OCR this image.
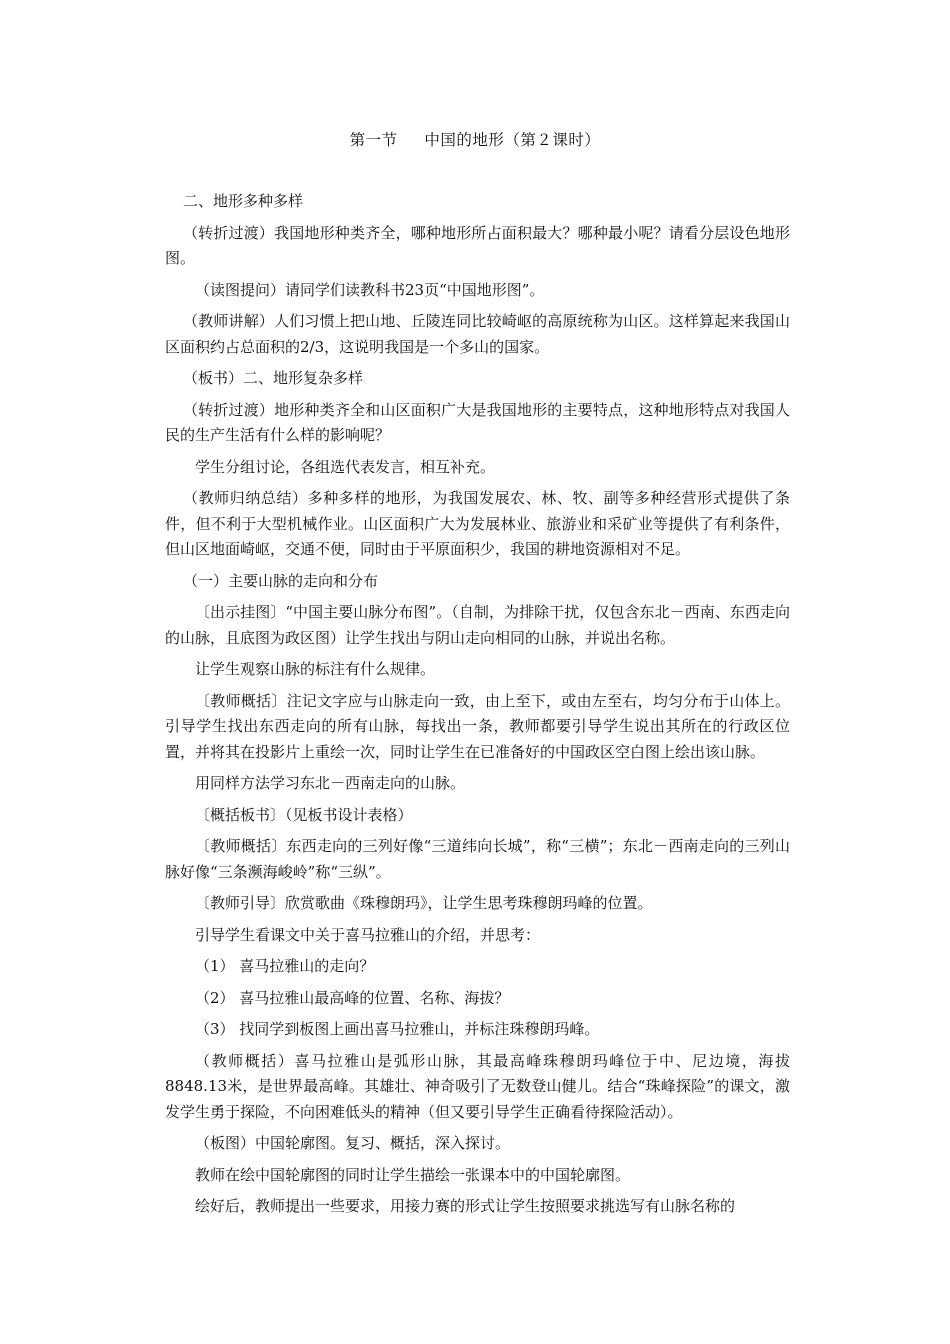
第一节　  中国的地形（第２课时）

二、地形多种多样

（转折过渡）我国地形种类齐全，哪种地形所占面积最大？哪种最小呢？请看分层设色地形图。

（读图提问）请同学们读教科书23页“中国地形图”。

（教师讲解）人们习惯上把山地、丘陵连同比较崎岖的高原统称为山区。这样算起来我国山区面积约占总面积的2/3，这说明我国是一个多山的国家。

（板书）二、地形复杂多样

（转折过渡）地形种类齐全和山区面积广大是我国地形的主要特点，这种地形特点对我国人民的生产生活有什么样的影响呢？

学生分组讨论，各组选代表发言，相互补充。

（教师归纳总结）多种多样的地形，为我国发展农、林、牧、副等多种经营形式提供了条件，但不利于大型机械作业。山区面积广大为发展林业、旅游业和采矿业等提供了有利条件，但山区地面崎岖，交通不便，同时由于平原面积少，我国的耕地资源相对不足。

（一）主要山脉的走向和分布

〔出示挂图〕“中国主要山脉分布图”。（自制，为排除干扰，仅包含东北－西南、东西走向的山脉，且底图为政区图）让学生找出与阴山走向相同的山脉，并说出名称。

让学生观察山脉的标注有什么规律。

〔教师概括〕注记文字应与山脉走向一致，由上至下，或由左至右，均匀分布于山体上。引导学生找出东西走向的所有山脉，每找出一条，教师都要引导学生说出其所在的行政区位置，并将其在投影片上重绘一次，同时让学生在已准备好的中国政区空白图上绘出该山脉。

用同样方法学习东北－西南走向的山脉。

〔概括板书〕（见板书设计表格）

〔教师概括〕东西走向的三列好像“三道纬向长城”，称“三横”；东北－西南走向的三列山脉好像“三条濒海峻岭”称“三纵”。

〔教师引导〕欣赏歌曲《珠穆朗玛》，让学生思考珠穆朗玛峰的位置。

引导学生看课文中关于喜马拉雅山的介绍，并思考：

（1） 喜马拉雅山的走向？

（2） 喜马拉雅山最高峰的位置、名称、海拔？

（3） 找同学到板图上画出喜马拉雅山，并标注珠穆朗玛峰。

（教师概括）喜马拉雅山是弧形山脉，其最高峰珠穆朗玛峰位于中、尼边境，海拔8848.13米，是世界最高峰。其雄壮、神奇吸引了无数登山健儿。结合“珠峰探险”的课文，激发学生勇于探险，不向困难低头的精神（但又要引导学生正确看待探险活动）。

（板图）中国轮廓图。复习、概括，深入探讨。

教师在绘中国轮廓图的同时让学生描绘一张课本中的中国轮廓图。

绘好后，教师提出一些要求，用接力赛的形式让学生按照要求挑选写有山脉名称的
